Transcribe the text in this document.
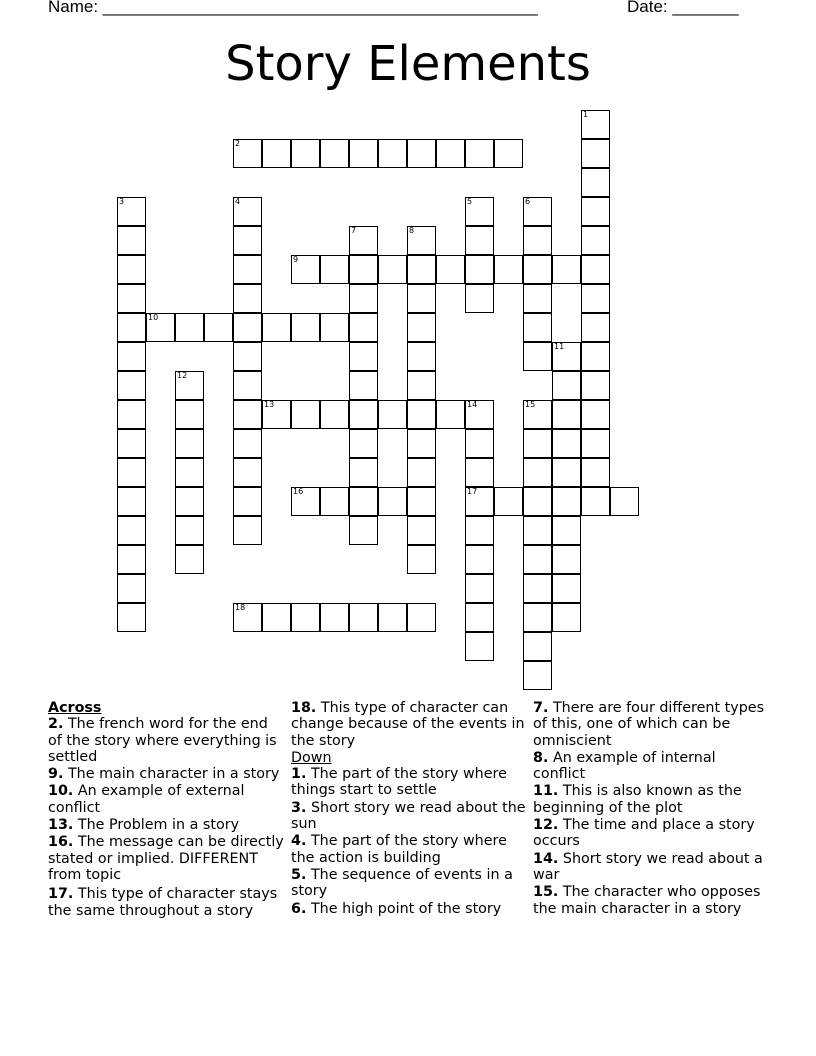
Name: ______________________________________________	Date: _______
Story Elements
1
2
3	4	5	6
7	8
9
10
11
12
13	14
17
15
16
18
Across
2. The french word for the end of the story where everything is settled
9. The main character in a story
10. An example of external conflict
13. The Problem in a story
16. The message can be directly stated or implied. DIFFERENT from topic
17. This type of character stays the same throughout a story
18. This type of character can change because of the events in the story
Down
1. The part of the story where things start to settle
3. Short story we read about the sun
4. The part of the story where the action is building
5. The sequence of events in a story
6. The high point of the story
7. There are four different types of this, one of which can be omniscient
8. An example of internal conflict
11. This is also known as the beginning of the plot
12. The time and place a story occurs
14. Short story we read about a war
15. The character who opposes the main character in a story
